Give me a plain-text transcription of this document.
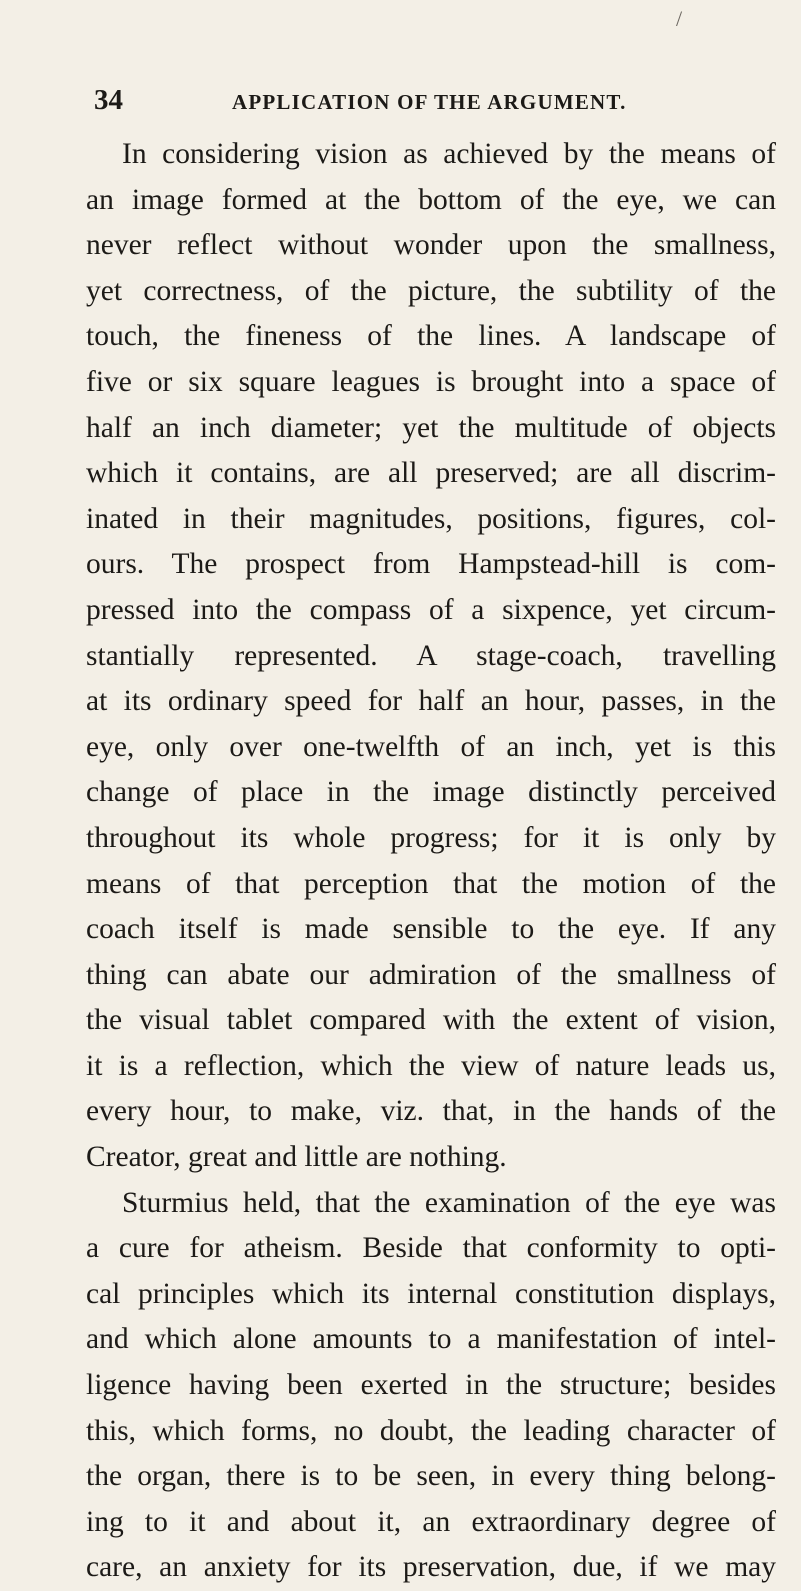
/
34	APPLICATION OF THE ARGUMENT.
In considering vision as achieved by the means of
an image formed at the bottom of the eye, we can
never reflect without wonder upon the smallness,
yet correctness, of the picture, the subtility of the
touch, the fineness of the lines. A landscape of
five or six square leagues is brought into a space of
half an inch diameter; yet the multitude of objects
which it contains, are all preserved; are all discrim-
inated in their magnitudes, positions, figures, col-
ours. The prospect from Hampstead-hill is com-
pressed into the compass of a sixpence, yet circum-
stantially represented. A stage-coach, travelling
at its ordinary speed for half an hour, passes, in the
eye, only over one-twelfth of an inch, yet is this
change of place in the image distinctly perceived
throughout its whole progress; for it is only by
means of that perception that the motion of the
coach itself is made sensible to the eye. If any
thing can abate our admiration of the smallness of
the visual tablet compared with the extent of vision,
it is a reflection, which the view of nature leads us,
every hour, to make, viz. that, in the hands of the
Creator, great and little are nothing.
Sturmius held, that the examination of the eye was
a cure for atheism. Beside that conformity to opti-
cal principles which its internal constitution displays,
and which alone amounts to a manifestation of intel-
ligence having been exerted in the structure; besides
this, which forms, no doubt, the leading character of
the organ, there is to be seen, in every thing belong-
ing to it and about it, an extraordinary degree of
care, an anxiety for its preservation, due, if we may
